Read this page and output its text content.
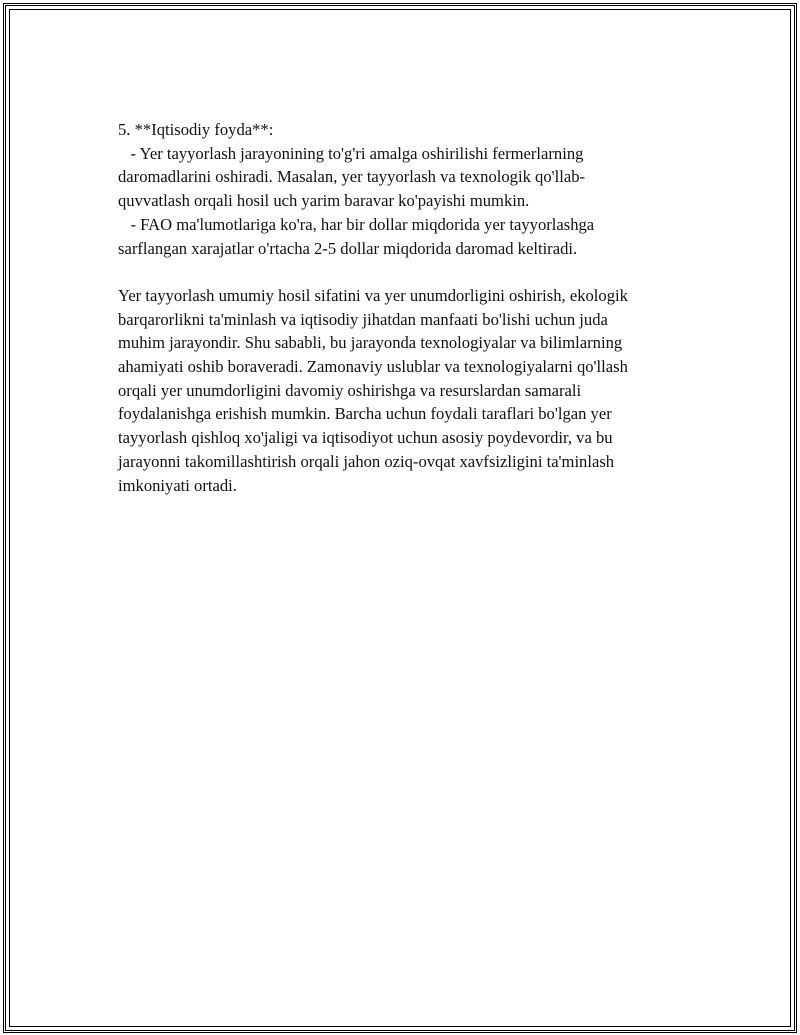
5. **Iqtisodiy foyda**:
- Yer tayyorlash jarayonining to'g'ri amalga oshirilishi fermerlarning
daromadlarini oshiradi. Masalan, yer tayyorlash va texnologik qo'llab-
quvvatlash orqali hosil uch yarim baravar ko'payishi mumkin.
- FAO ma'lumotlariga ko'ra, har bir dollar miqdorida yer tayyorlashga
sarflangan xarajatlar o'rtacha 2-5 dollar miqdorida daromad keltiradi.
Yer tayyorlash umumiy hosil sifatini va yer unumdorligini oshirish, ekologik
barqarorlikni ta'minlash va iqtisodiy jihatdan manfaati bo'lishi uchun juda
muhim jarayondir. Shu sababli, bu jarayonda texnologiyalar va bilimlarning
ahamiyati oshib boraveradi. Zamonaviy uslublar va texnologiyalarni qo'llash
orqali yer unumdorligini davomiy oshirishga va resurslardan samarali
foydalanishga erishish mumkin. Barcha uchun foydali taraflari bo'lgan yer
tayyorlash qishloq xo'jaligi va iqtisodiyot uchun asosiy poydevordir, va bu
jarayonni takomillashtirish orqali jahon oziq-ovqat xavfsizligini ta'minlash
imkoniyati ortadi.
